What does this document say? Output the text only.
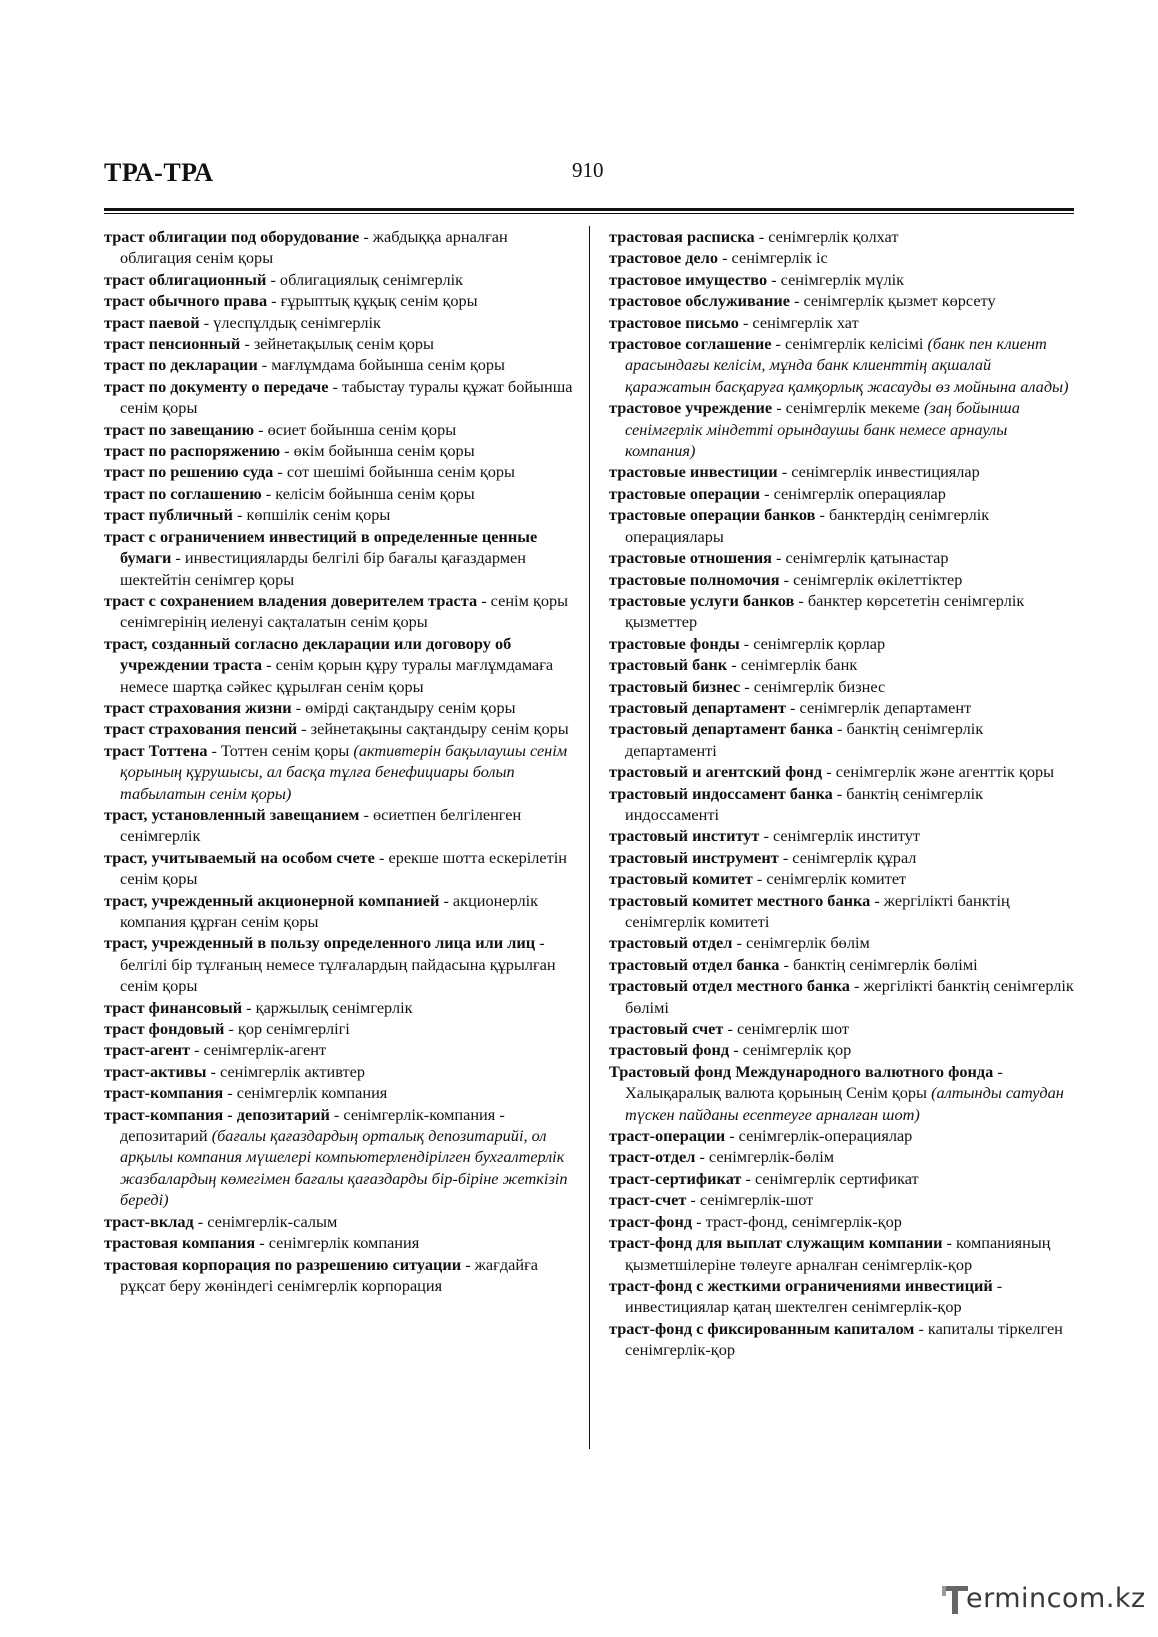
ТРА-ТРА	910

траст облигации под оборудование - жабдыққа арналған облигация сенім қоры

траст облигационный - облигациялық сенімгерлік

траст обычного права - ғұрыптық құқық сенім қоры

траст паевой - үлеспұлдық сенімгерлік

траст пенсионный - зейнетақылық сенім қоры

траст по декларации - мағлұмдама бойынша сенім қоры

траст по документу о передаче - табыстау туралы құжат бойынша сенім қоры

траст по завещанию - өсиет бойынша сенім қоры

траст по распоряжению - өкім бойынша сенім қоры

траст по решению суда - сот шешімі бойынша сенім қоры

траст по соглашению - келісім бойынша сенім қоры

траст публичный - көпшілік сенім қоры

траст с ограничением инвестиций в определенные ценные бумаги - инвестицияларды белгілі бір бағалы қағаздармен шектейтін сенімгер қоры

траст с сохранением владения доверителем траста - сенім қоры сенімгерінің иеленуі сақталатын сенім қоры

траст, созданный согласно декларации или договору об учреждении траста - сенім қорын құру туралы мағлұмдамаға немесе шартқа сәйкес құрылған сенім қоры

траст страхования жизни - өмірді сақтандыру сенім қоры

траст страхования пенсий - зейнетақыны сақтандыру сенім қоры

траст Тоттена - Тоттен сенім қоры (активтерін бақылаушы сенім қорының құрушысы, ал басқа тұлға бенефициары болып табылатын сенім қоры)

траст, установленный завещанием - өсиетпен белгіленген сенімгерлік

траст, учитываемый на особом счете - ерекше шотта ескерілетін сенім қоры

траст, учрежденный акционерной компанией - акционерлік компания құрған сенім қоры

траст, учрежденный в пользу определенного лица или лиц - белгілі бір тұлғаның немесе тұлғалардың пайдасына құрылған сенім қоры

траст финансовый - қаржылық сенімгерлік

траст фондовый - қор сенімгерлігі

траст-агент - сенімгерлік-агент

траст-активы - сенімгерлік активтер

траст-компания - сенімгерлік компания

траст-компания - депозитарий - сенімгерлік-компания - депозитарий (бағалы қағаздардың орталық депозитарийі, ол арқылы компания мүшелері компьютерлендірілген бухгалтерлік жазбалардың көмегімен бағалы қағаздарды бір-біріне жеткізіп береді)

траст-вклад - сенімгерлік-салым

трастовая компания - сенімгерлік компания

трастовая корпорация по разрешению ситуации - жағдайға рұқсат беру жөніндегі сенімгерлік корпорация

трастовая расписка - сенімгерлік қолхат

трастовое дело - сенімгерлік іс

трастовое имущество - сенімгерлік мүлік

трастовое обслуживание - сенімгерлік қызмет көрсету

трастовое письмо - сенімгерлік хат

трастовое соглашение - сенімгерлік келісімі (банк пен клиент арасындағы келісім, мұнда банк клиенттің ақшалай қаражатын басқаруға қамқорлық жасауды өз мойнына алады)

трастовое учреждение - сенімгерлік мекеме (заң бойынша сенімгерлік міндетті орындаушы банк немесе арнаулы компания)

трастовые инвестиции - сенімгерлік инвестициялар

трастовые операции - сенімгерлік операциялар

трастовые операции банков - банктердің сенімгерлік операциялары

трастовые отношения - сенімгерлік қатынастар

трастовые полномочия - сенімгерлік өкілеттіктер

трастовые услуги банков - банктер көрсететін сенімгерлік қызметтер

трастовые фонды - сенімгерлік қорлар

трастовый банк - сенімгерлік банк

трастовый бизнес - сенімгерлік бизнес

трастовый департамент - сенімгерлік департамент

трастовый департамент банка - банктің сенімгерлік департаменті

трастовый и агентский фонд - сенімгерлік және агенттік қоры

трастовый индоссамент банка - банктің сенімгерлік индоссаменті

трастовый институт - сенімгерлік институт

трастовый инструмент - сенімгерлік құрал

трастовый комитет - сенімгерлік комитет

трастовый комитет местного банка - жергілікті банктің сенімгерлік комитеті

трастовый отдел - сенімгерлік бөлім

трастовый отдел банка - банктің сенімгерлік бөлімі

трастовый отдел местного банка - жергілікті банктің сенімгерлік бөлімі

трастовый счет - сенімгерлік шот

трастовый фонд - сенімгерлік қор

Трастовый фонд Международного валютного фонда - Халықаралық валюта қорының Сенім қоры (алтынды сатудан түскен пайданы есептеуге арналған шот)

траст-операции - сенімгерлік-операциялар

траст-отдел - сенімгерлік-бөлім

траст-сертификат - сенімгерлік сертификат

траст-счет - сенімгерлік-шот

траст-фонд - траст-фонд, сенімгерлік-қор

траст-фонд для выплат служащим компании - компанияның қызметшілеріне төлеуге арналған сенімгерлік-қор

траст-фонд с жесткими ограничениями инвестиций - инвестициялар қатаң шектелген сенімгерлік-қор

траст-фонд с фиксированным капиталом - капиталы тіркелген сенімгерлік-қор

ermincom.kz
